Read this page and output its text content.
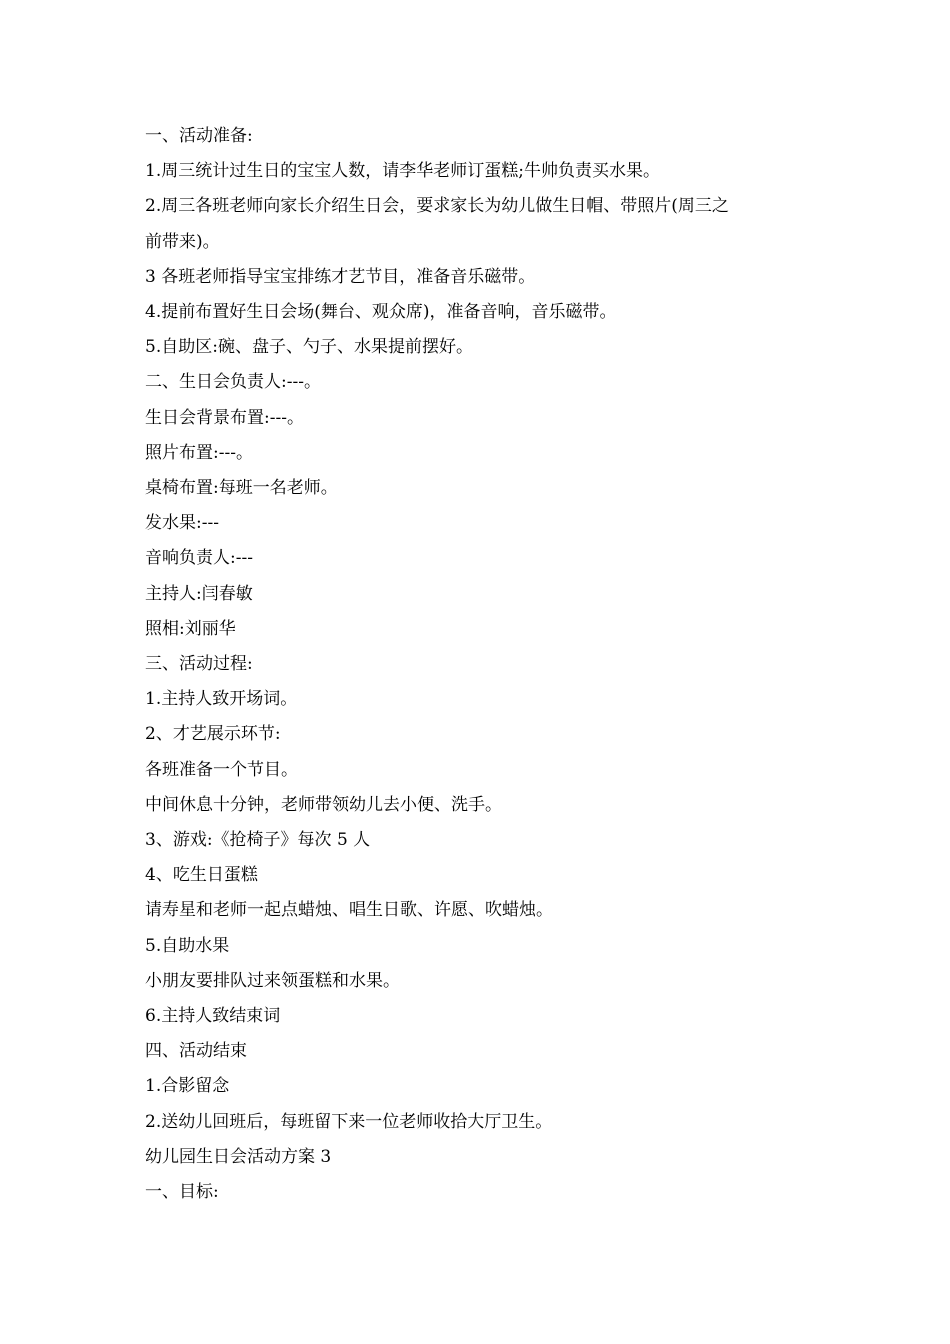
一、活动准备:

1.周三统计过生日的宝宝人数，请李华老师订蛋糕;牛帅负责买水果。

2.周三各班老师向家长介绍生日会，要求家长为幼儿做生日帽、带照片(周三之

前带来)。

3 各班老师指导宝宝排练才艺节目，准备音乐磁带。

4.提前布置好生日会场(舞台、观众席)，准备音响，音乐磁带。

5.自助区:碗、盘子、勺子、水果提前摆好。

二、生日会负责人:---。

生日会背景布置:---。

照片布置:---。

桌椅布置:每班一名老师。

发水果:---

音响负责人:---

主持人:闫春敏

照相:刘丽华

三、活动过程:

1.主持人致开场词。

2、才艺展示环节:

各班准备一个节目。

中间休息十分钟，老师带领幼儿去小便、洗手。

3、游戏:《抢椅子》每次 5 人

4、吃生日蛋糕

请寿星和老师一起点蜡烛、唱生日歌、许愿、吹蜡烛。

5.自助水果

小朋友要排队过来领蛋糕和水果。

6.主持人致结束词

四、活动结束

1.合影留念

2.送幼儿回班后，每班留下来一位老师收拾大厅卫生。

幼儿园生日会活动方案 3

一、目标:
